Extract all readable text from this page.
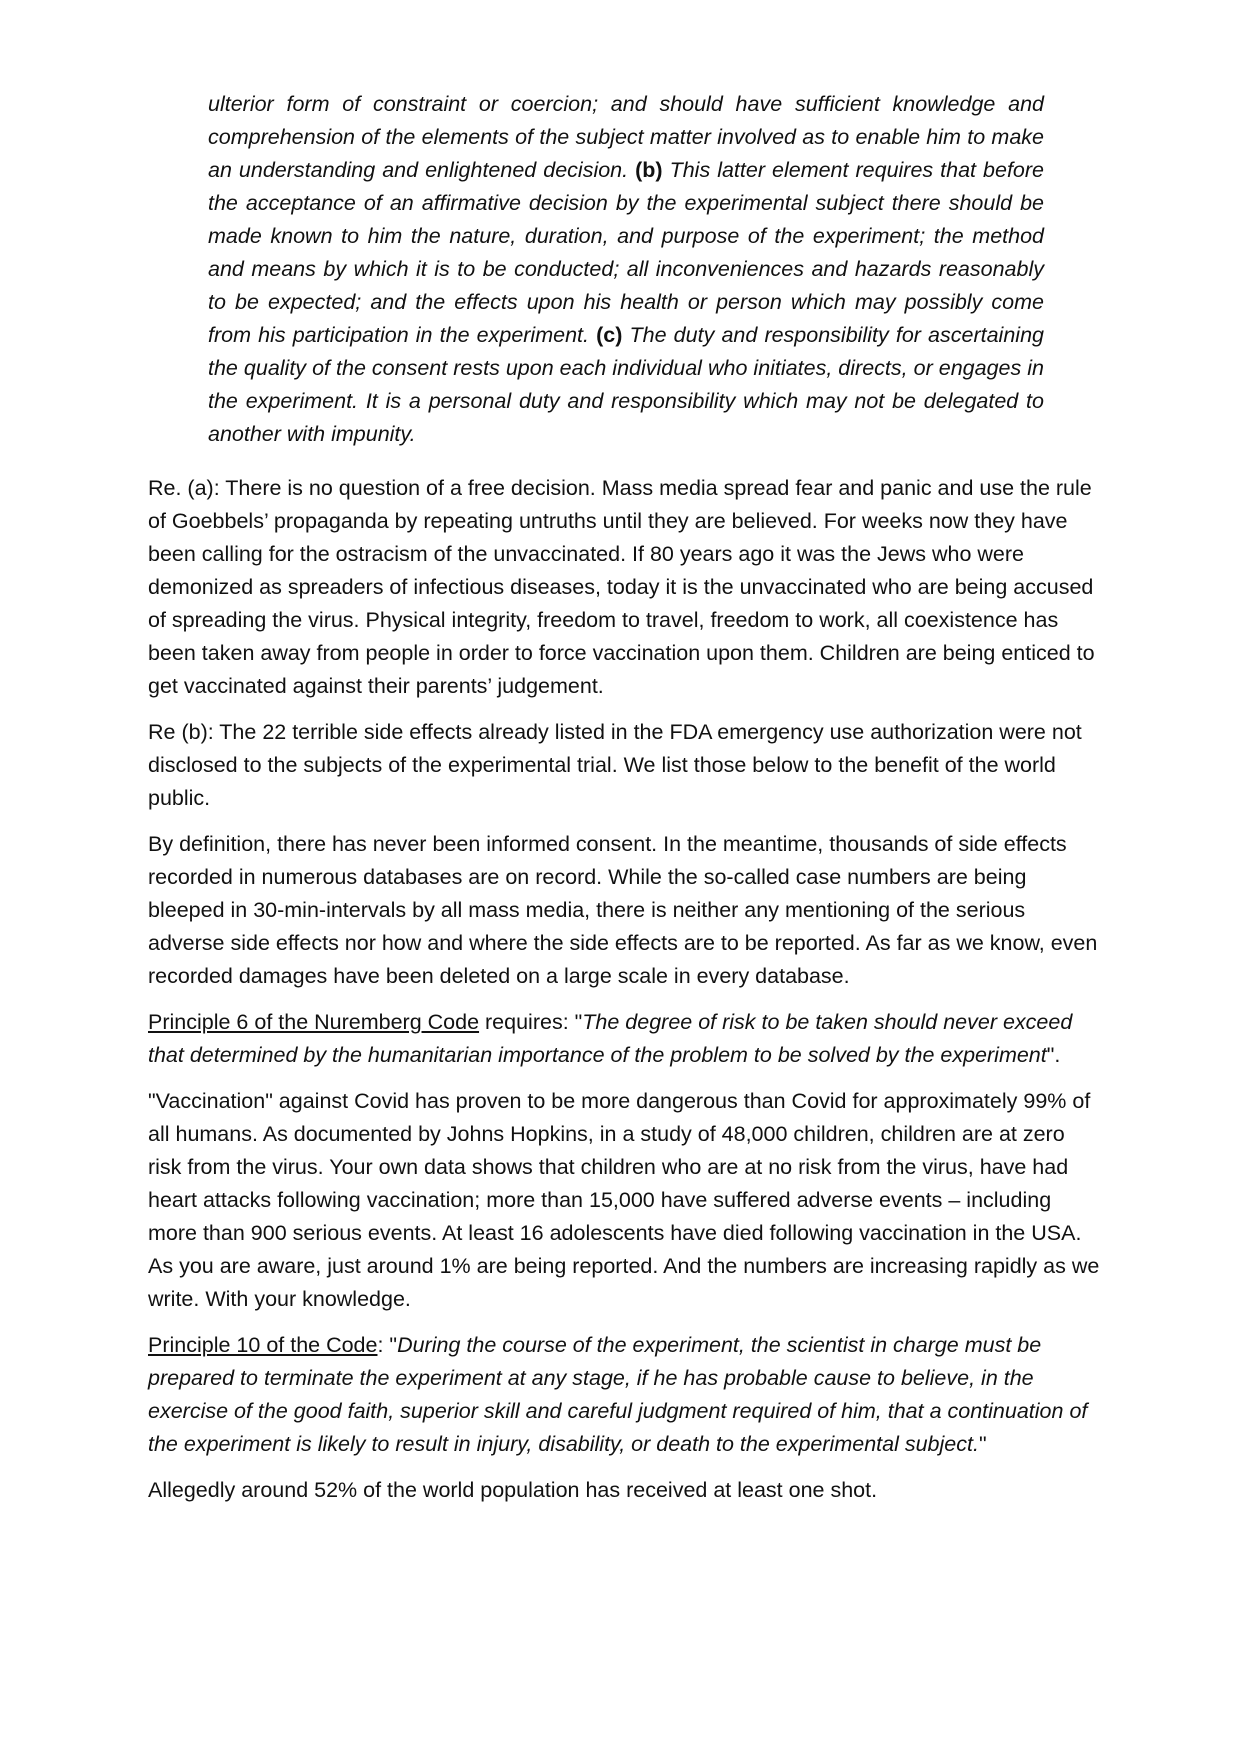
ulterior form of constraint or coercion; and should have sufficient knowledge and comprehension of the elements of the subject matter involved as to enable him to make an understanding and enlightened decision. (b) This latter element requires that before the acceptance of an affirmative decision by the experimental subject there should be made known to him the nature, duration, and purpose of the experiment; the method and means by which it is to be conducted; all inconveniences and hazards reasonably to be expected; and the effects upon his health or person which may possibly come from his participation in the experiment. (c) The duty and responsibility for ascertaining the quality of the consent rests upon each individual who initiates, directs, or engages in the experiment. It is a personal duty and responsibility which may not be delegated to another with impunity.

Re. (a): There is no question of a free decision. Mass media spread fear and panic and use the rule of Goebbels’ propaganda by repeating untruths until they are believed. For weeks now they have been calling for the ostracism of the unvaccinated. If 80 years ago it was the Jews who were demonized as spreaders of infectious diseases, today it is the unvaccinated who are being accused of spreading the virus. Physical integrity, freedom to travel, freedom to work, all coexistence has been taken away from people in order to force vaccination upon them. Children are being enticed to get vaccinated against their parents’ judgement.

Re (b): The 22 terrible side effects already listed in the FDA emergency use authorization were not disclosed to the subjects of the experimental trial. We list those below to the benefit of the world public.

By definition, there has never been informed consent. In the meantime, thousands of side effects recorded in numerous databases are on record. While the so-called case numbers are being bleeped in 30-min-intervals by all mass media, there is neither any mentioning of the serious adverse side effects nor how and where the side effects are to be reported. As far as we know, even recorded damages have been deleted on a large scale in every database.

Principle 6 of the Nuremberg Code requires: "The degree of risk to be taken should never exceed that determined by the humanitarian importance of the problem to be solved by the experiment".

"Vaccination" against Covid has proven to be more dangerous than Covid for approximately 99% of all humans. As documented by Johns Hopkins, in a study of 48,000 children, children are at zero risk from the virus. Your own data shows that children who are at no risk from the virus, have had heart attacks following vaccination; more than 15,000 have suffered adverse events – including more than 900 serious events. At least 16 adolescents have died following vaccination in the USA. As you are aware, just around 1% are being reported. And the numbers are increasing rapidly as we write. With your knowledge.

Principle 10 of the Code: "During the course of the experiment, the scientist in charge must be prepared to terminate the experiment at any stage, if he has probable cause to believe, in the exercise of the good faith, superior skill and careful judgment required of him, that a continuation of the experiment is likely to result in injury, disability, or death to the experimental subject."

Allegedly around 52% of the world population has received at least one shot.
